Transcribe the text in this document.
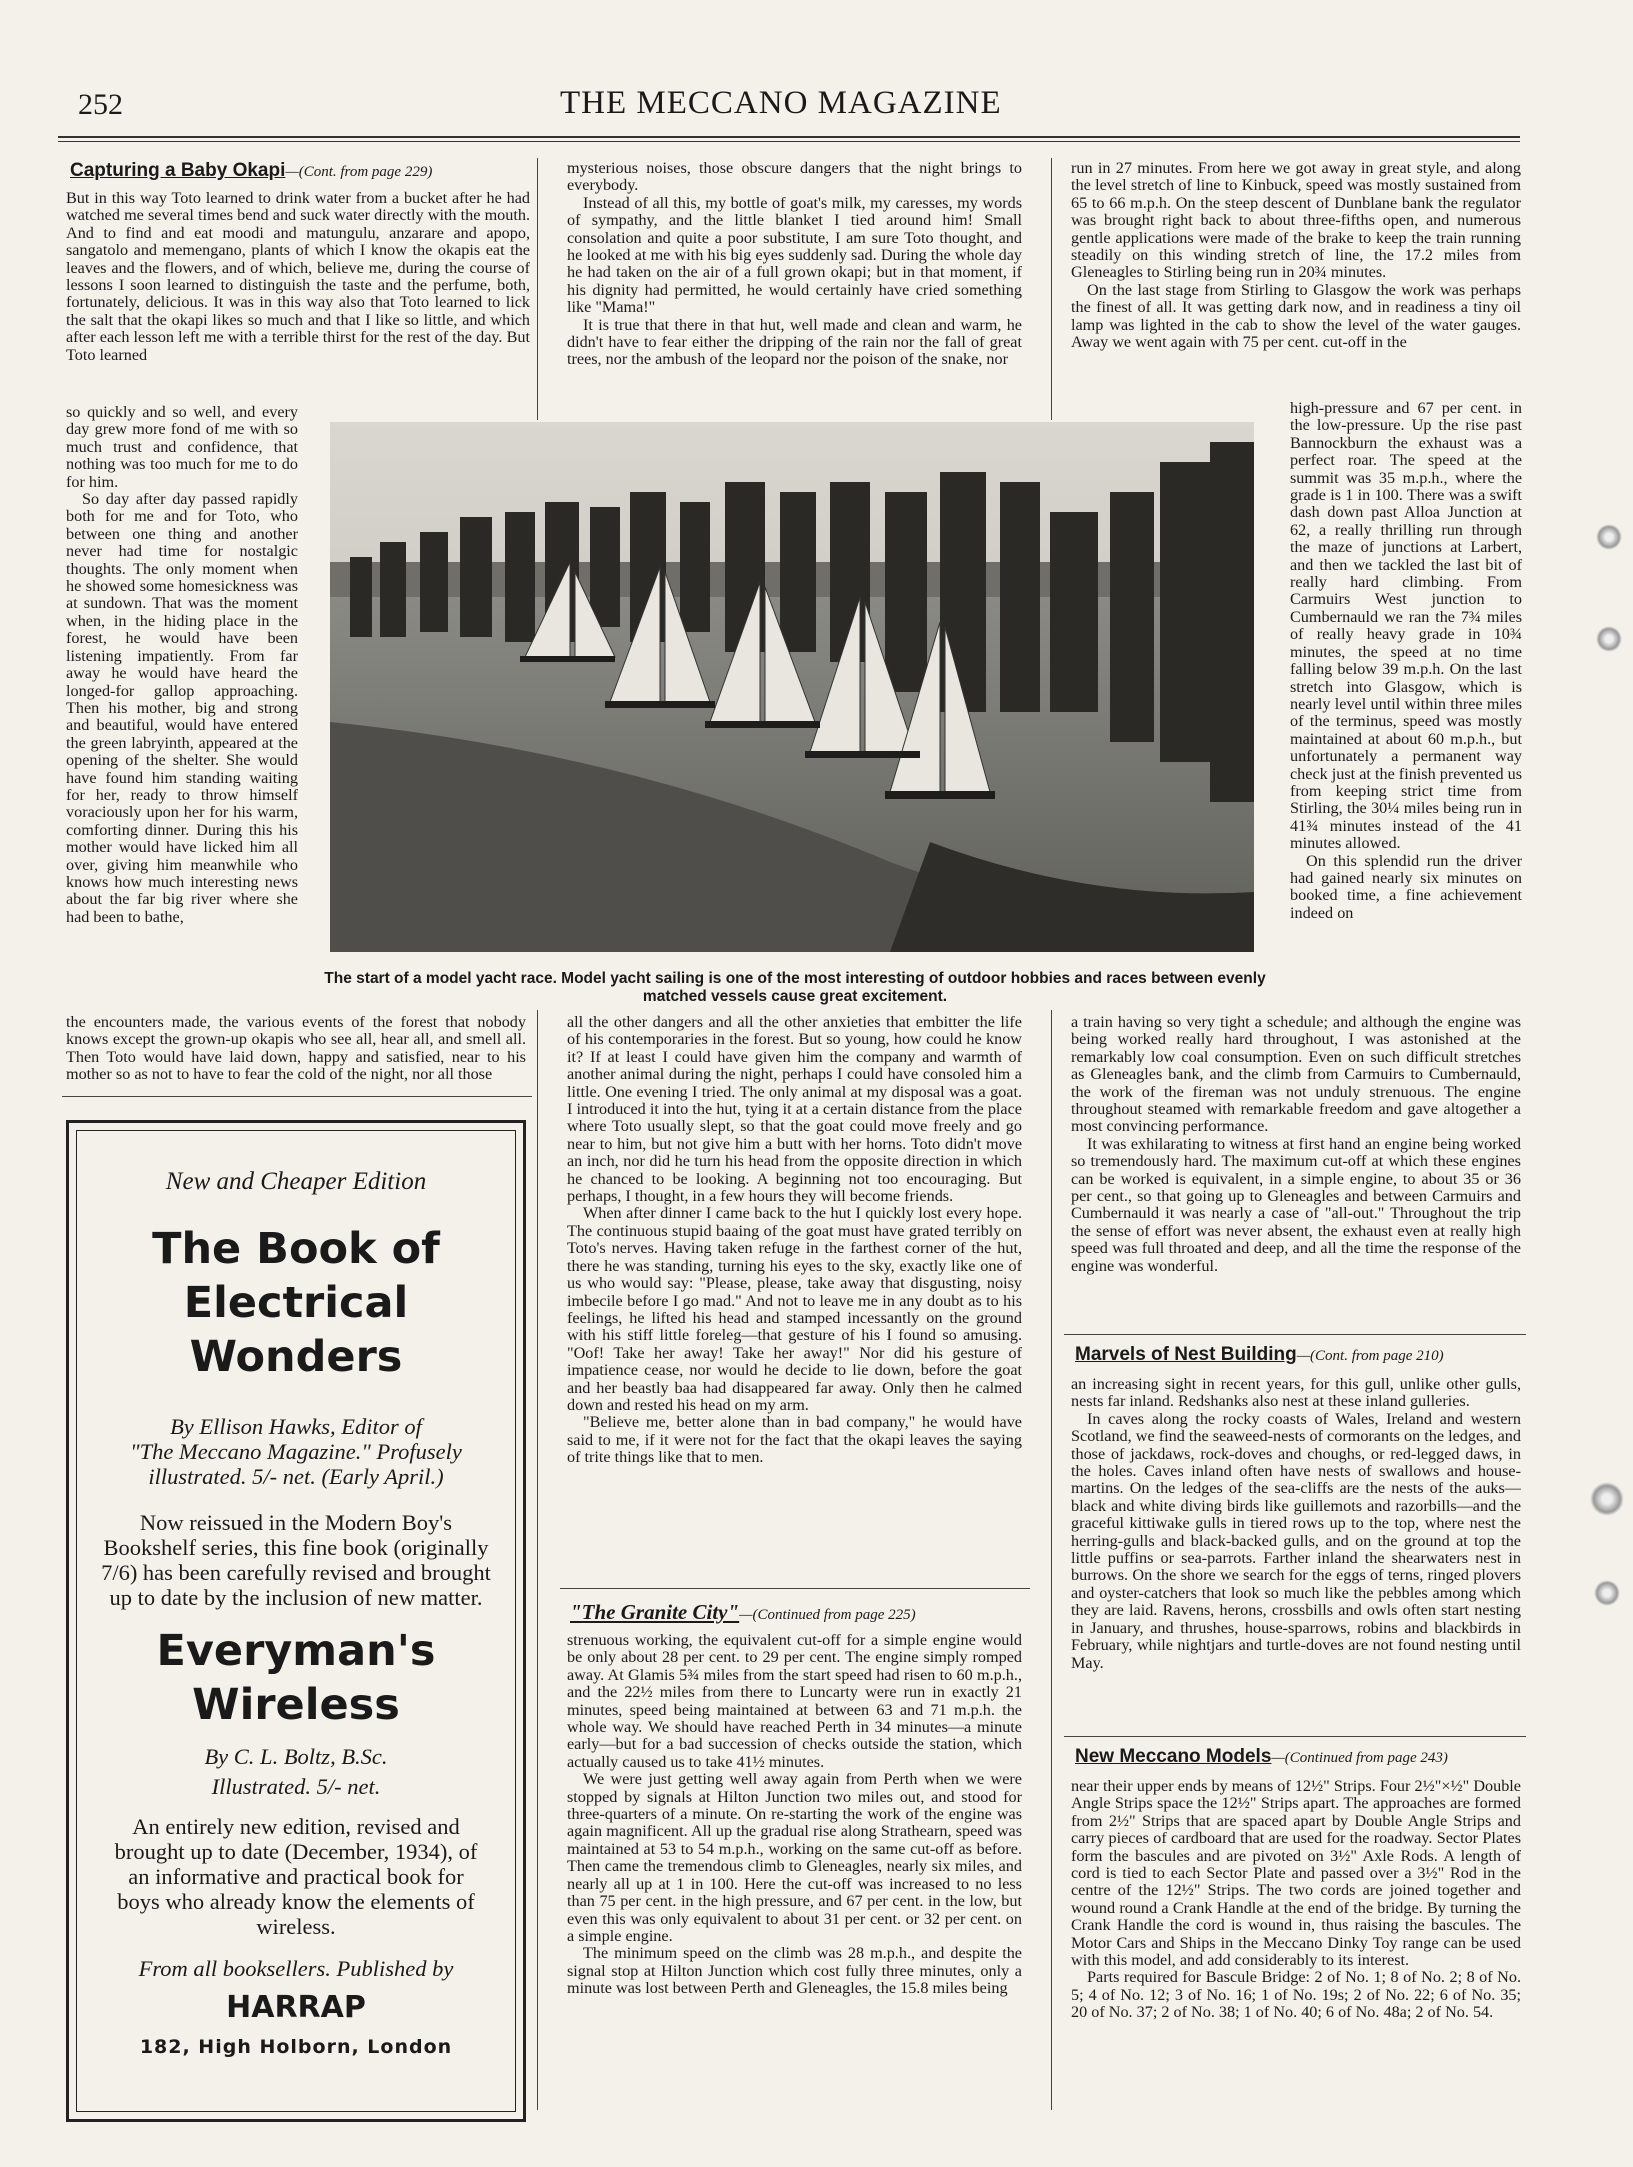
252	THE MECCANO MAGAZINE
Capturing a Baby Okapi—(Cont. from page 229)

But in this way Toto learned to drink water from a bucket after he had watched me several times bend and suck water directly with the mouth. And to find and eat moodi and matungulu, anzarare and apopo, sangatolo and memengano, plants of which I know the okapis eat the leaves and the flowers, and of which, believe me, during the course of lessons I soon learned to distinguish the taste and the perfume, both, fortunately, delicious. It was in this way also that Toto learned to lick the salt that the okapi likes so much and that I like so little, and which after each lesson left me with a terrible thirst for the rest of the day. But Toto learned

so quickly and so well, and every day grew more fond of me with so much trust and confidence, that nothing was too much for me to do for him.

So day after day passed rapidly both for me and for Toto, who between one thing and another never had time for nostalgic thoughts. The only moment when he showed some homesickness was at sundown. That was the moment when, in the hiding place in the forest, he would have been listening impatiently. From far away he would have heard the longed-for gallop approaching. Then his mother, big and strong and beautiful, would have entered the green labryinth, appeared at the opening of the shelter. She would have found him standing waiting for her, ready to throw himself voraciously upon her for his warm, comforting dinner. During this his mother would have licked him all over, giving him meanwhile who knows how much interesting news about the far big river where she had been to bathe,

the encounters made, the various events of the forest that nobody knows except the grown-up okapis who see all, hear all, and smell all. Then Toto would have laid down, happy and satisfied, near to his mother so as not to have to fear the cold of the night, nor all those

mysterious noises, those obscure dangers that the night brings to everybody.

Instead of all this, my bottle of goat's milk, my caresses, my words of sympathy, and the little blanket I tied around him! Small consolation and quite a poor substitute, I am sure Toto thought, and he looked at me with his big eyes suddenly sad. During the whole day he had taken on the air of a full grown okapi; but in that moment, if his dignity had permitted, he would certainly have cried something like "Mama!"

It is true that there in that hut, well made and clean and warm, he didn't have to fear either the dripping of the rain nor the fall of great trees, nor the ambush of the leopard nor the poison of the snake, nor

run in 27 minutes. From here we got away in great style, and along the level stretch of line to Kinbuck, speed was mostly sustained from 65 to 66 m.p.h. On the steep descent of Dunblane bank the regulator was brought right back to about three-fifths open, and numerous gentle applications were made of the brake to keep the train running steadily on this winding stretch of line, the 17.2 miles from Gleneagles to Stirling being run in 20¾ minutes.

On the last stage from Stirling to Glasgow the work was perhaps the finest of all. It was getting dark now, and in readiness a tiny oil lamp was lighted in the cab to show the level of the water gauges. Away we went again with 75 per cent. cut-off in the

high-pressure and 67 per cent. in the low-pressure. Up the rise past Bannockburn the exhaust was a perfect roar. The speed at the summit was 35 m.p.h., where the grade is 1 in 100. There was a swift dash down past Alloa Junction at 62, a really thrilling run through the maze of junctions at Larbert, and then we tackled the last bit of really hard climbing. From Carmuirs West junction to Cumbernauld we ran the 7¾ miles of really heavy grade in 10¾ minutes, the speed at no time falling below 39 m.p.h. On the last stretch into Glasgow, which is nearly level until within three miles of the terminus, speed was mostly maintained at about 60 m.p.h., but unfortunately a permanent way check just at the finish prevented us from keeping strict time from Stirling, the 30¼ miles being run in 41¾ minutes instead of the 41 minutes allowed.

On this splendid run the driver had gained nearly six minutes on booked time, a fine achievement indeed on

The start of a model yacht race. Model yacht sailing is one of the most interesting of outdoor hobbies and races between evenly matched vessels cause great excitement.

all the other dangers and all the other anxieties that embitter the life of his contemporaries in the forest. But so young, how could he know it? If at least I could have given him the company and warmth of another animal during the night, perhaps I could have consoled him a little. One evening I tried. The only animal at my disposal was a goat. I introduced it into the hut, tying it at a certain distance from the place where Toto usually slept, so that the goat could move freely and go near to him, but not give him a butt with her horns. Toto didn't move an inch, nor did he turn his head from the opposite direction in which he chanced to be looking. A beginning not too encouraging. But perhaps, I thought, in a few hours they will become friends.

When after dinner I came back to the hut I quickly lost every hope. The continuous stupid baaing of the goat must have grated terribly on Toto's nerves. Having taken refuge in the farthest corner of the hut, there he was standing, turning his eyes to the sky, exactly like one of us who would say: "Please, please, take away that disgusting, noisy imbecile before I go mad." And not to leave me in any doubt as to his feelings, he lifted his head and stamped incessantly on the ground with his stiff little foreleg—that gesture of his I found so amusing. "Oof! Take her away! Take her away!" Nor did his gesture of impatience cease, nor would he decide to lie down, before the goat and her beastly baa had disappeared far away. Only then he calmed down and rested his head on my arm.

"Believe me, better alone than in bad company," he would have said to me, if it were not for the fact that the okapi leaves the saying of trite things like that to men.

"The Granite City"—(Continued from page 225)

strenuous working, the equivalent cut-off for a simple engine would be only about 28 per cent. to 29 per cent. The engine simply romped away. At Glamis 5¾ miles from the start speed had risen to 60 m.p.h., and the 22½ miles from there to Luncarty were run in exactly 21 minutes, speed being maintained at between 63 and 71 m.p.h. the whole way. We should have reached Perth in 34 minutes—a minute early—but for a bad succession of checks outside the station, which actually caused us to take 41½ minutes.

We were just getting well away again from Perth when we were stopped by signals at Hilton Junction two miles out, and stood for three-quarters of a minute. On re-starting the work of the engine was again magnificent. All up the gradual rise along Strathearn, speed was maintained at 53 to 54 m.p.h., working on the same cut-off as before. Then came the tremendous climb to Gleneagles, nearly six miles, and nearly all up at 1 in 100. Here the cut-off was increased to no less than 75 per cent. in the high pressure, and 67 per cent. in the low, but even this was only equivalent to about 31 per cent. or 32 per cent. on a simple engine.

The minimum speed on the climb was 28 m.p.h., and despite the signal stop at Hilton Junction which cost fully three minutes, only a minute was lost between Perth and Gleneagles, the 15.8 miles being

a train having so very tight a schedule; and although the engine was being worked really hard throughout, I was astonished at the remarkably low coal consumption. Even on such difficult stretches as Gleneagles bank, and the climb from Carmuirs to Cumbernauld, the work of the fireman was not unduly strenuous. The engine throughout steamed with remarkable freedom and gave altogether a most convincing performance.

It was exhilarating to witness at first hand an engine being worked so tremendously hard. The maximum cut-off at which these engines can be worked is equivalent, in a simple engine, to about 35 or 36 per cent., so that going up to Gleneagles and between Carmuirs and Cumbernauld it was nearly a case of "all-out." Throughout the trip the sense of effort was never absent, the exhaust even at really high speed was full throated and deep, and all the time the response of the engine was wonderful.

Marvels of Nest Building—(Cont. from page 210)

an increasing sight in recent years, for this gull, unlike other gulls, nests far inland. Redshanks also nest at these inland gulleries.

In caves along the rocky coasts of Wales, Ireland and western Scotland, we find the seaweed-nests of cormorants on the ledges, and those of jackdaws, rock-doves and choughs, or red-legged daws, in the holes. Caves inland often have nests of swallows and house-martins. On the ledges of the sea-cliffs are the nests of the auks—black and white diving birds like guillemots and razorbills—and the graceful kittiwake gulls in tiered rows up to the top, where nest the herring-gulls and black-backed gulls, and on the ground at top the little puffins or sea-parrots. Farther inland the shearwaters nest in burrows. On the shore we search for the eggs of terns, ringed plovers and oyster-catchers that look so much like the pebbles among which they are laid. Ravens, herons, crossbills and owls often start nesting in January, and thrushes, house-sparrows, robins and blackbirds in February, while nightjars and turtle-doves are not found nesting until May.

New Meccano Models—(Continued from page 243)

near their upper ends by means of 12½" Strips. Four 2½"×½" Double Angle Strips space the 12½" Strips apart. The approaches are formed from 2½" Strips that are spaced apart by Double Angle Strips and carry pieces of cardboard that are used for the roadway. Sector Plates form the bascules and are pivoted on 3½" Axle Rods. A length of cord is tied to each Sector Plate and passed over a 3½" Rod in the centre of the 12½" Strips. The two cords are joined together and wound round a Crank Handle at the end of the bridge. By turning the Crank Handle the cord is wound in, thus raising the bascules. The Motor Cars and Ships in the Meccano Dinky Toy range can be used with this model, and add considerably to its interest.

Parts required for Bascule Bridge: 2 of No. 1; 8 of No. 2; 8 of No. 5; 4 of No. 12; 3 of No. 16; 1 of No. 19s; 2 of No. 22; 6 of No. 35; 20 of No. 37; 2 of No. 38; 1 of No. 40; 6 of No. 48a; 2 of No. 54.

New and Cheaper Edition
The Book of
Electrical
Wonders
By Ellison Hawks, Editor of
"The Meccano Magazine." Profusely
illustrated. 5/- net. (Early April.)
Now reissued in the Modern Boy's Bookshelf series, this fine book (originally 7/6) has been carefully revised and brought up to date by the inclusion of new matter.
Everyman's
Wireless
By C. L. Boltz, B.Sc.
Illustrated. 5/- net.
An entirely new edition, revised and brought up to date (December, 1934), of an informative and practical book for boys who already know the elements of wireless.
From all booksellers. Published by
HARRAP
182, High Holborn, London
